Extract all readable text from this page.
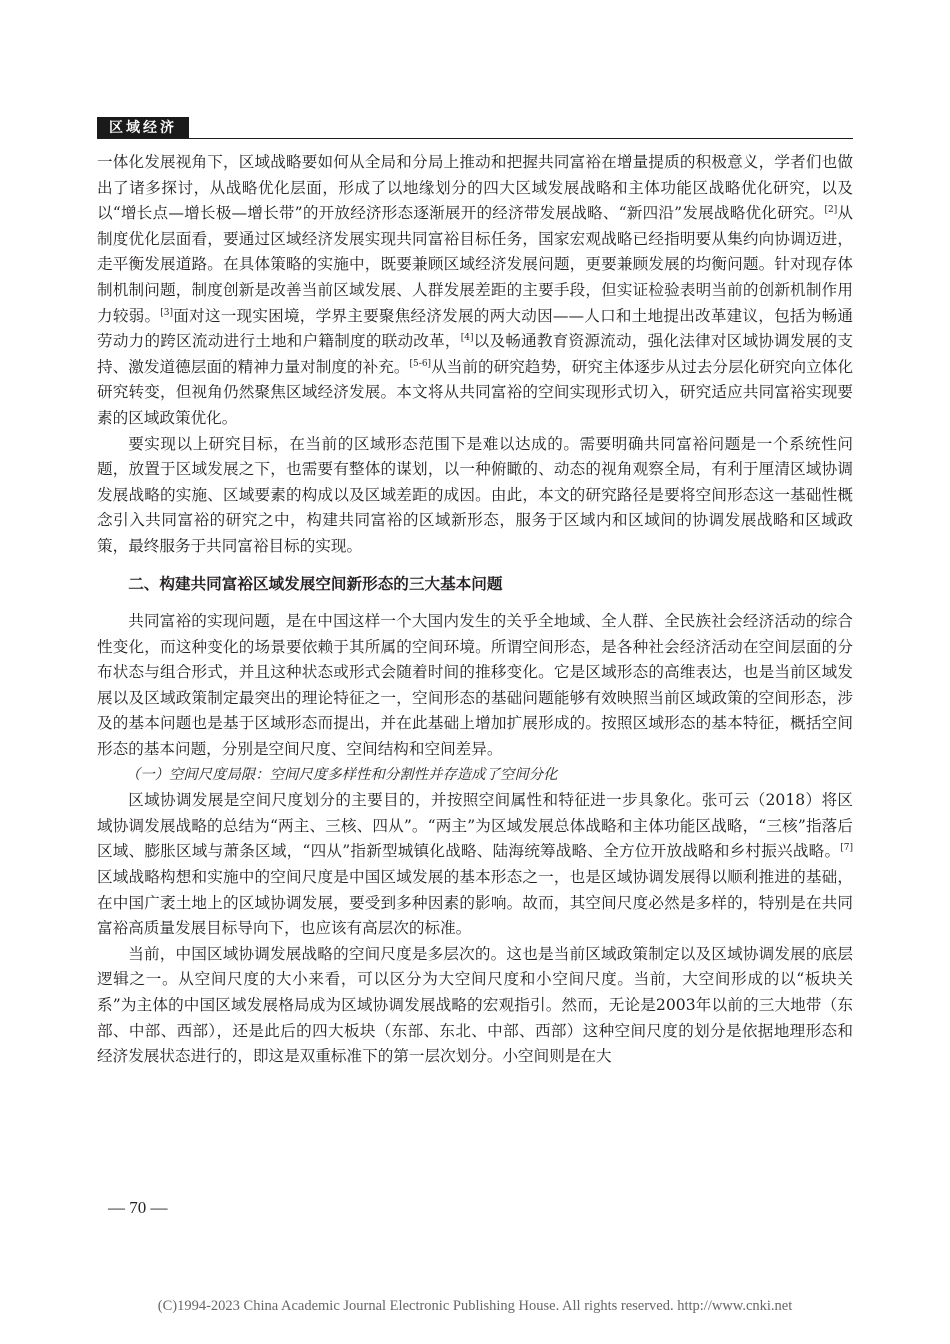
区域经济

一体化发展视角下，区域战略要如何从全局和分局上推动和把握共同富裕在增量提质的积极意义，学者们也做出了诸多探讨，从战略优化层面，形成了以地缘划分的四大区域发展战略和主体功能区战略优化研究，以及以“增长点—增长极—增长带”的开放经济形态逐渐展开的经济带发展战略、“新四沿”发展战略优化研究。[2]从制度优化层面看，要通过区域经济发展实现共同富裕目标任务，国家宏观战略已经指明要从集约向协调迈进，走平衡发展道路。在具体策略的实施中，既要兼顾区域经济发展问题，更要兼顾发展的均衡问题。针对现存体制机制问题，制度创新是改善当前区域发展、人群发展差距的主要手段，但实证检验表明当前的创新机制作用力较弱。[3]面对这一现实困境，学界主要聚焦经济发展的两大动因——人口和土地提出改革建议，包括为畅通劳动力的跨区流动进行土地和户籍制度的联动改革，[4]以及畅通教育资源流动，强化法律对区域协调发展的支持、激发道德层面的精神力量对制度的补充。[5-6]从当前的研究趋势，研究主体逐步从过去分层化研究向立体化研究转变，但视角仍然聚焦区域经济发展。本文将从共同富裕的空间实现形式切入，研究适应共同富裕实现要素的区域政策优化。

要实现以上研究目标，在当前的区域形态范围下是难以达成的。需要明确共同富裕问题是一个系统性问题，放置于区域发展之下，也需要有整体的谋划，以一种俯瞰的、动态的视角观察全局，有利于厘清区域协调发展战略的实施、区域要素的构成以及区域差距的成因。由此，本文的研究路径是要将空间形态这一基础性概念引入共同富裕的研究之中，构建共同富裕的区域新形态，服务于区域内和区域间的协调发展战略和区域政策，最终服务于共同富裕目标的实现。

二、构建共同富裕区域发展空间新形态的三大基本问题

共同富裕的实现问题，是在中国这样一个大国内发生的关乎全地域、全人群、全民族社会经济活动的综合性变化，而这种变化的场景要依赖于其所属的空间环境。所谓空间形态，是各种社会经济活动在空间层面的分布状态与组合形式，并且这种状态或形式会随着时间的推移变化。它是区域形态的高维表达，也是当前区域发展以及区域政策制定最突出的理论特征之一，空间形态的基础问题能够有效映照当前区域政策的空间形态，涉及的基本问题也是基于区域形态而提出，并在此基础上增加扩展形成的。按照区域形态的基本特征，概括空间形态的基本问题，分别是空间尺度、空间结构和空间差异。

（一）空间尺度局限：空间尺度多样性和分割性并存造成了空间分化

区域协调发展是空间尺度划分的主要目的，并按照空间属性和特征进一步具象化。张可云（2018）将区域协调发展战略的总结为“两主、三核、四从”。“两主”为区域发展总体战略和主体功能区战略，“三核”指落后区域、膨胀区域与萧条区域，“四从”指新型城镇化战略、陆海统筹战略、全方位开放战略和乡村振兴战略。[7]区域战略构想和实施中的空间尺度是中国区域发展的基本形态之一，也是区域协调发展得以顺利推进的基础，在中国广袤土地上的区域协调发展，要受到多种因素的影响。故而，其空间尺度必然是多样的，特别是在共同富裕高质量发展目标导向下，也应该有高层次的标准。

当前，中国区域协调发展战略的空间尺度是多层次的。这也是当前区域政策制定以及区域协调发展的底层逻辑之一。从空间尺度的大小来看，可以区分为大空间尺度和小空间尺度。当前，大空间形成的以“板块关系”为主体的中国区域发展格局成为区域协调发展战略的宏观指引。然而，无论是2003年以前的三大地带（东部、中部、西部），还是此后的四大板块（东部、东北、中部、西部）这种空间尺度的划分是依据地理形态和经济发展状态进行的，即这是双重标准下的第一层次划分。小空间则是在大

— 70 —
(C)1994-2023 China Academic Journal Electronic Publishing House. All rights reserved. http://www.cnki.net
